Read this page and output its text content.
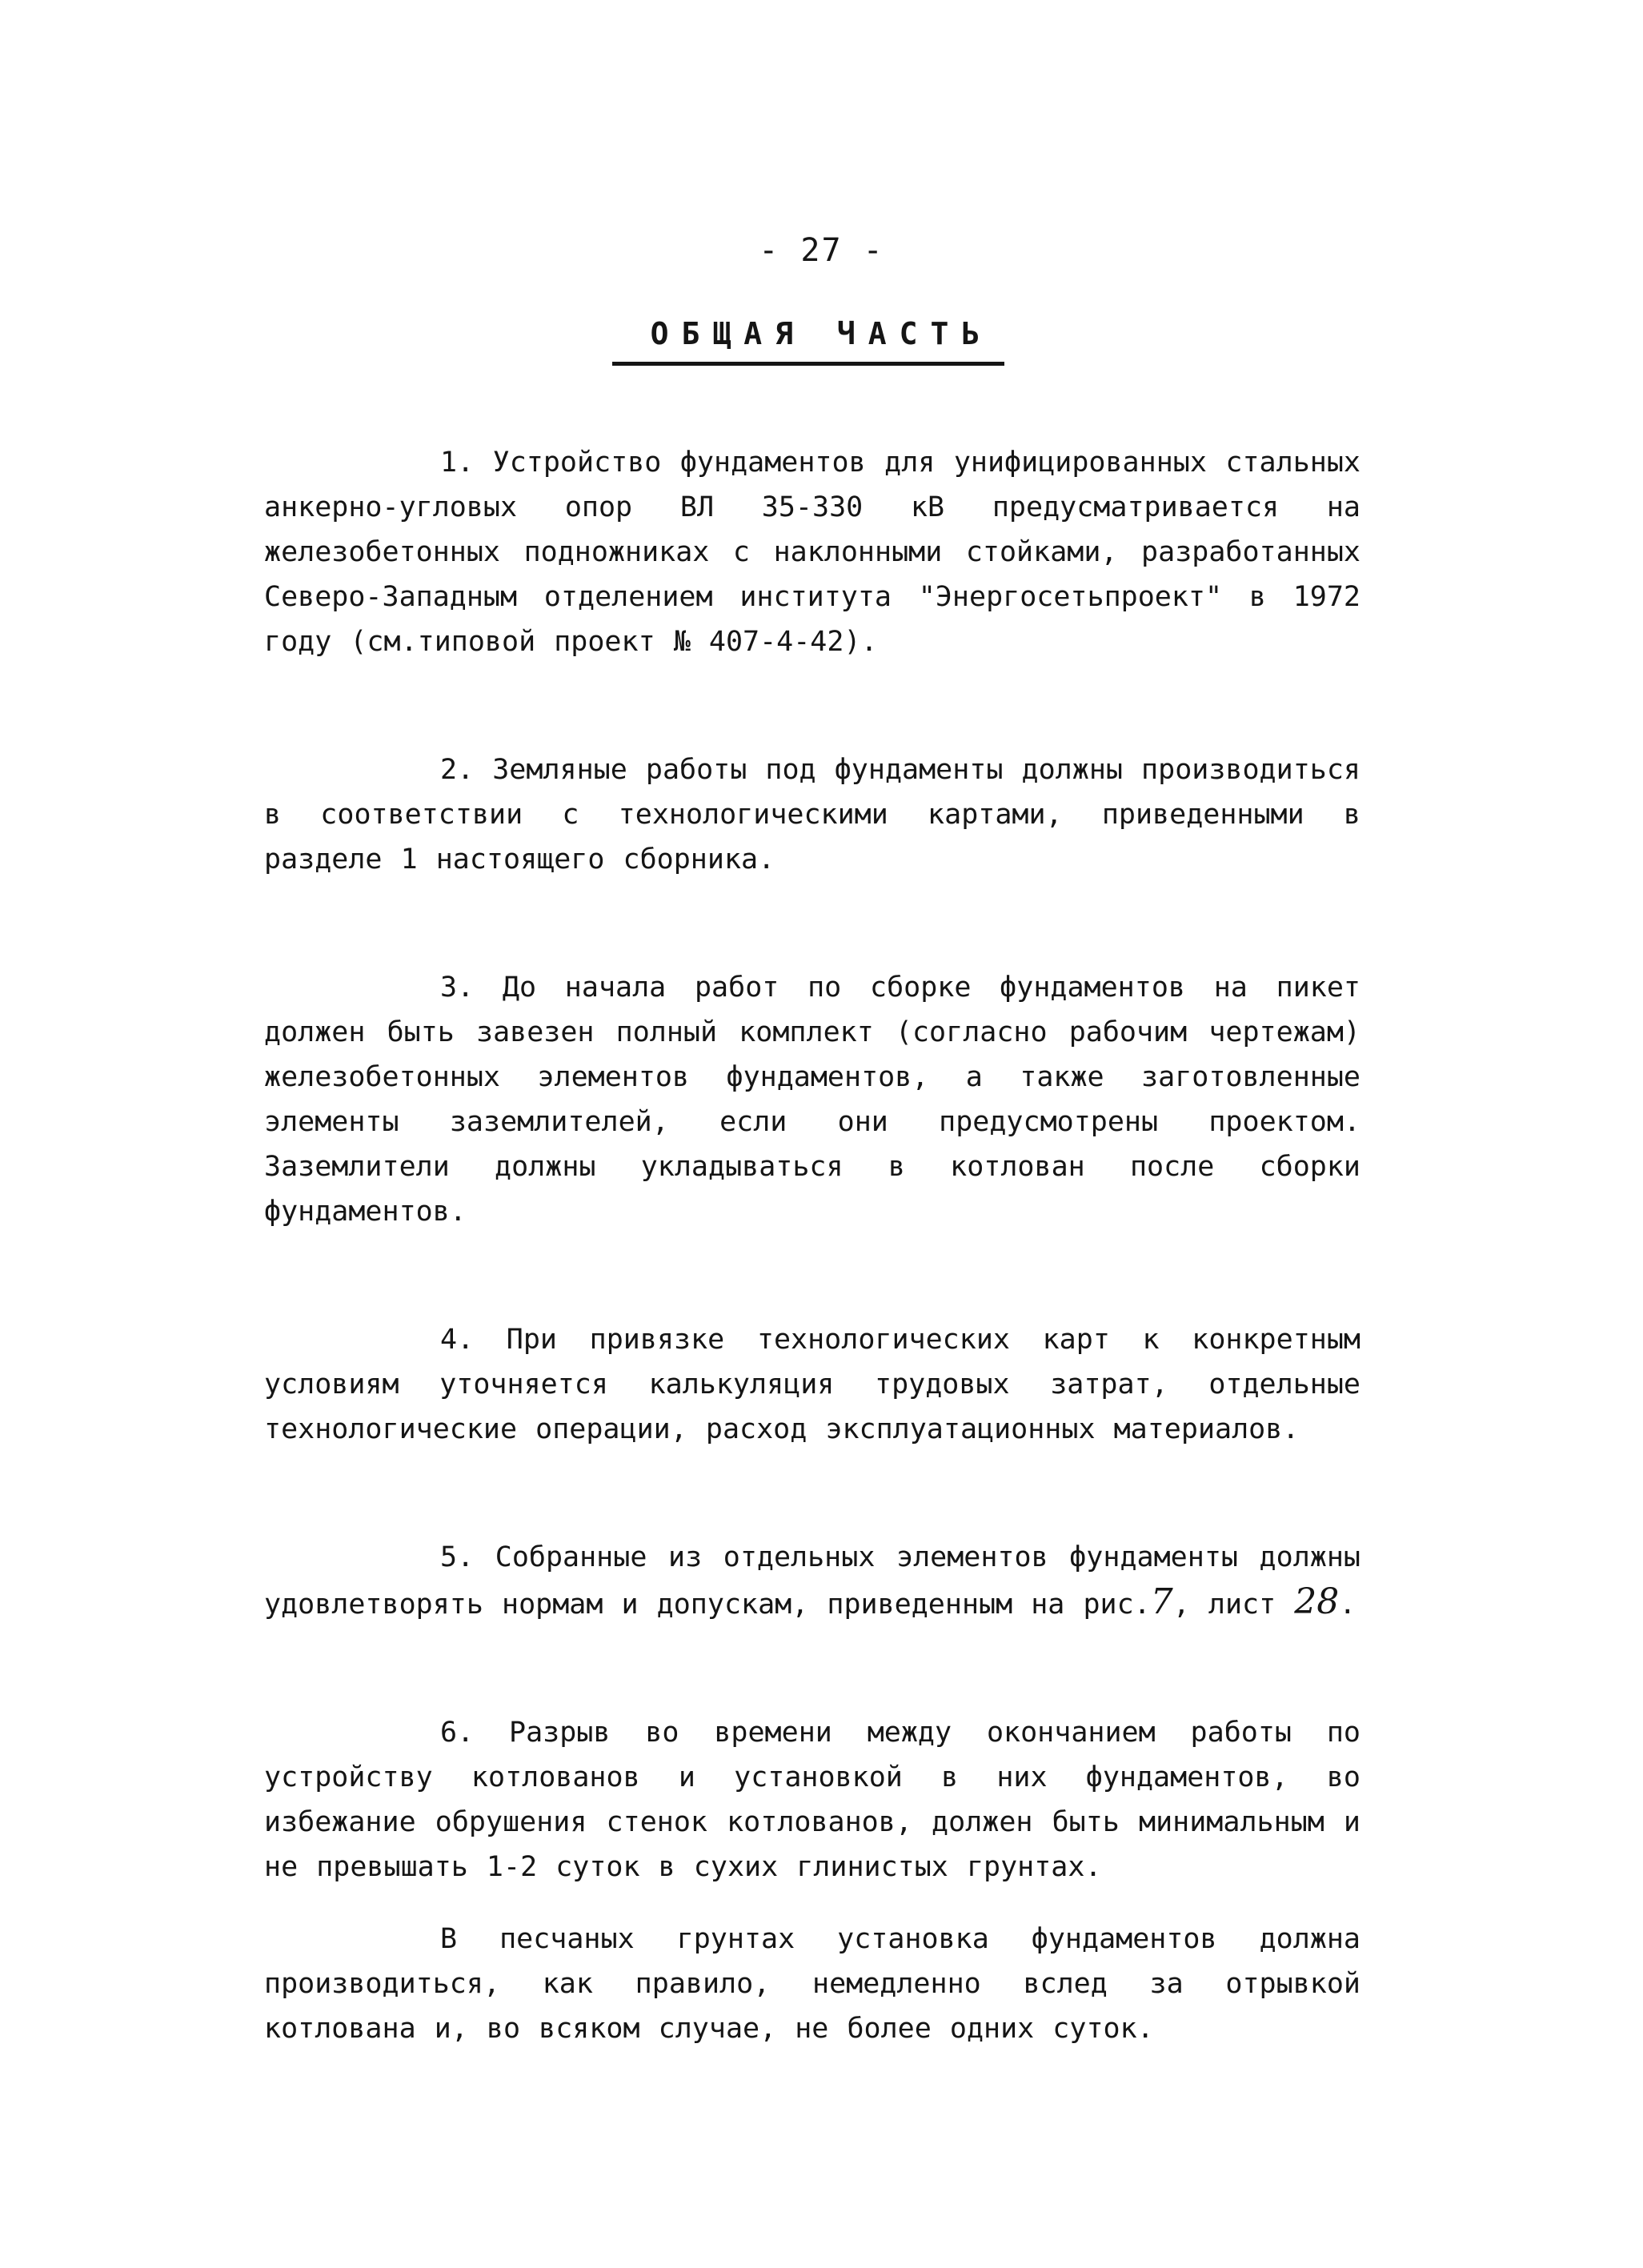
- 27 -
ОБЩАЯ ЧАСТЬ

1. Устройство фундаментов для унифицированных стальных анкерно-угловых опор ВЛ 35-330 кВ предусматривается на железобетонных подножниках с наклонными стойками, разработанных Северо-Западным отделением института "Энергосетьпроект" в 1972 году (см.типовой проект № 407-4-42).

2. Земляные работы под фундаменты должны производиться в соответствии с технологическими картами, приведенными в разделе 1 настоящего сборника.

3. До начала работ по сборке фундаментов на пикет должен быть завезен полный комплект (согласно рабочим чертежам) железобетонных элементов фундаментов, а также заготовленные элементы заземлителей, если они предусмотрены проектом. Заземлители должны укладываться в котлован после сборки фундаментов.

4. При привязке технологических карт к конкретным условиям уточняется калькуляция трудовых затрат, отдельные технологические операции, расход эксплуатационных материалов.

5. Собранные из отдельных элементов фундаменты должны удовлетворять нормам и допускам, приведенным на рис.7, лист 28.

6. Разрыв во времени между окончанием работы по устройству котлованов и установкой в них фундаментов, во избежание обрушения стенок котлованов, должен быть минимальным и не превышать 1-2 суток в сухих глинистых грунтах.

В песчаных грунтах установка фундаментов должна производиться, как правило, немедленно вслед за отрывкой котлована и, во всяком случае, не более одних суток.
